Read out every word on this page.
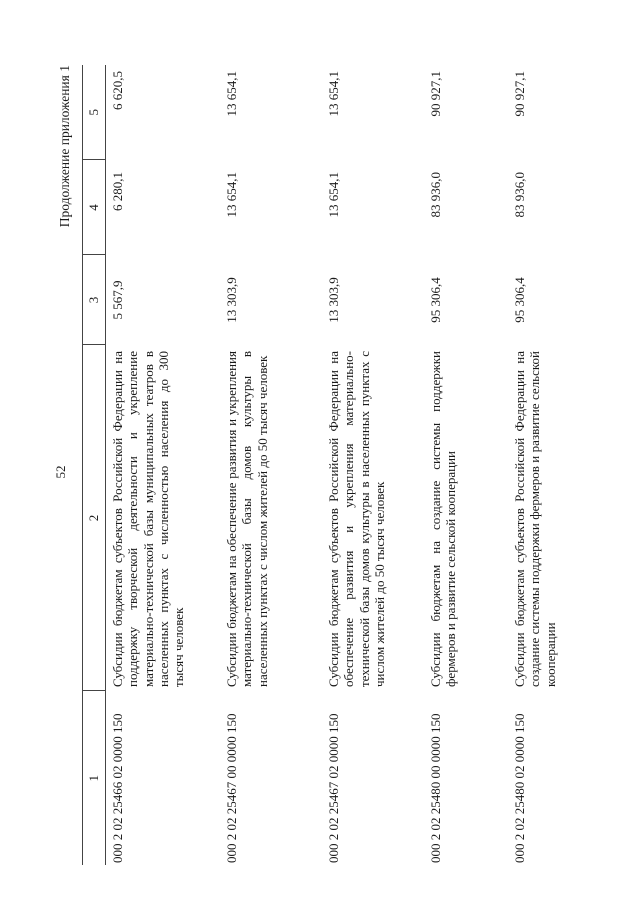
52
Продолжение приложения 1
1	2	3	4	5
000 2 02 25466 02 0000 150	Субсидии бюджетам субъектов Российской Федерации на поддержку творческой деятельности и укрепление материально-технической базы муниципальных театров в населенных пунктах с численностью населения до 300 тысяч человек	5 567,9	6 280,1	6 620,5
000 2 02 25467 00 0000 150	Субсидии бюджетам на обеспечение развития и укрепления материально-технической базы домов культуры в населенных пунктах с числом жителей до 50 тысяч человек	13 303,9	13 654,1	13 654,1
000 2 02 25467 02 0000 150	Субсидии бюджетам субъектов Российской Федерации на обеспечение развития и укрепления материально-технической базы домов культуры в населенных пунктах с числом жителей до 50 тысяч человек	13 303,9	13 654,1	13 654,1
000 2 02 25480 00 0000 150	Субсидии бюджетам на создание системы поддержки фермеров и развитие сельской кооперации	95 306,4	83 936,0	90 927,1
000 2 02 25480 02 0000 150	Субсидии бюджетам субъектов Российской Федерации на создание системы поддержки фермеров и развитие сельской кооперации	95 306,4	83 936,0	90 927,1
